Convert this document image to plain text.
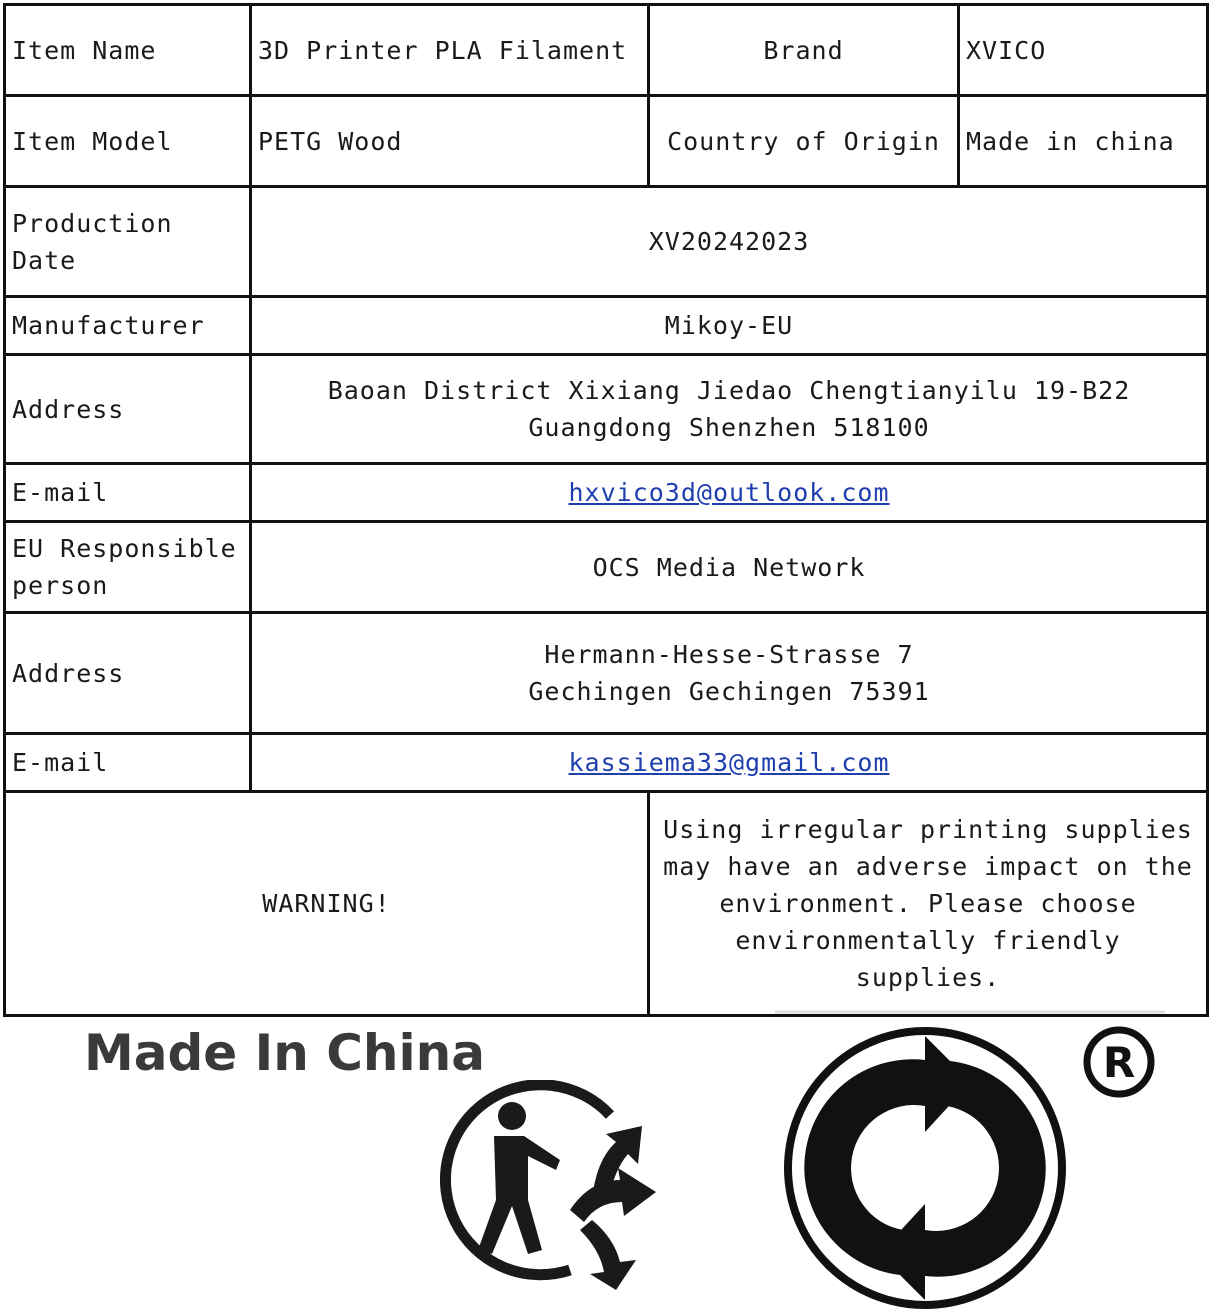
Item Name	3D Printer PLA Filament	Brand	XVICO
Item Model	PETG Wood	Country of Origin	Made in china
Production Date	XV20242023		
Manufacturer	Mikoy-EU		
Address	Baoan District Xixiang Jiedao Chengtianyilu 19-B22
Guangdong Shenzhen 518100		

E-mail	hxvico3d@outlook.com		

EU Responsible
person	OCS Media Network		
Address	Hermann-Hesse-Strasse 7
Gechingen Gechingen 75391		

E-mail	kassiema33@gmail.com		
WARNING!		Using irregular printing supplies
may have an adverse impact on the
environment. Please choose
environmentally friendly supplies.	
Made In China	R
